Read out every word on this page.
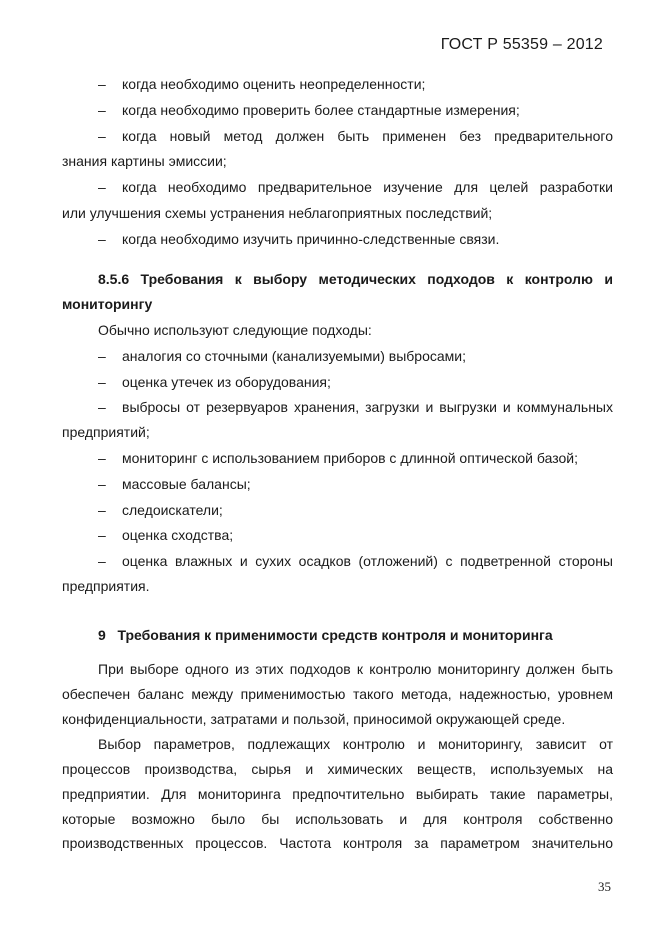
ГОСТ Р 55359 – 2012
– когда необходимо оценить неопределенности;
– когда необходимо проверить более стандартные измерения;
– когда новый метод должен быть применен без предварительного
знания картины эмиссии;
– когда необходимо предварительное изучение для целей разработки
или улучшения схемы устранения неблагоприятных последствий;
– когда необходимо изучить причинно-следственные связи.
8.5.6 Требования к выбору методических подходов к контролю и
мониторингу
Обычно используют следующие подходы:
– аналогия со сточными (канализуемыми) выбросами;
– оценка утечек из оборудования;
– выбросы от резервуаров хранения, загрузки и выгрузки и коммунальных
предприятий;
– мониторинг с использованием приборов с длинной оптической базой;
– массовые балансы;
– следоискатели;
– оценка сходства;
– оценка влажных и сухих осадков (отложений) с подветренной стороны
предприятия.
9   Требования к применимости средств контроля и мониторинга
При выборе одного из этих подходов к контролю мониторингу должен быть
обеспечен баланс между применимостью такого метода, надежностью, уровнем
конфиденциальности, затратами и пользой, приносимой окружающей среде.
Выбор параметров, подлежащих контролю и мониторингу, зависит от
процессов производства, сырья и химических веществ, используемых на
предприятии. Для мониторинга предпочтительно выбирать такие параметры,
которые возможно было бы использовать и для контроля собственно
производственных процессов. Частота контроля за параметром значительно
35
